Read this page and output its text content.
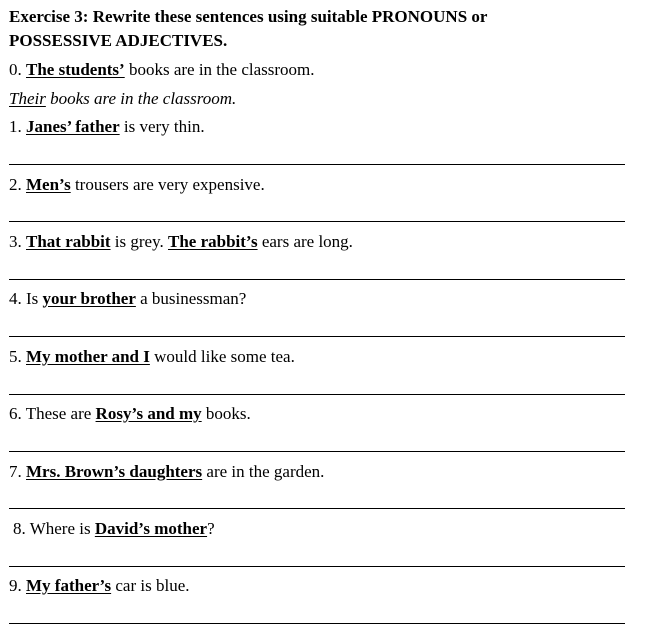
Exercise 3: Rewrite these sentences using suitable PRONOUNS or

POSSESSIVE ADJECTIVES.

0. The students’ books are in the classroom.
Their books are in the classroom.
1. Janes’ father is very thin.
2. Men’s trousers are very expensive.
3. That rabbit is grey. The rabbit’s ears are long.
4. Is your brother a businessman?
5. My mother and I would like some tea.
6. These are Rosy’s and my books.
7. Mrs. Brown’s daughters are in the garden.
8. Where is David’s mother?
9. My father’s car is blue.
